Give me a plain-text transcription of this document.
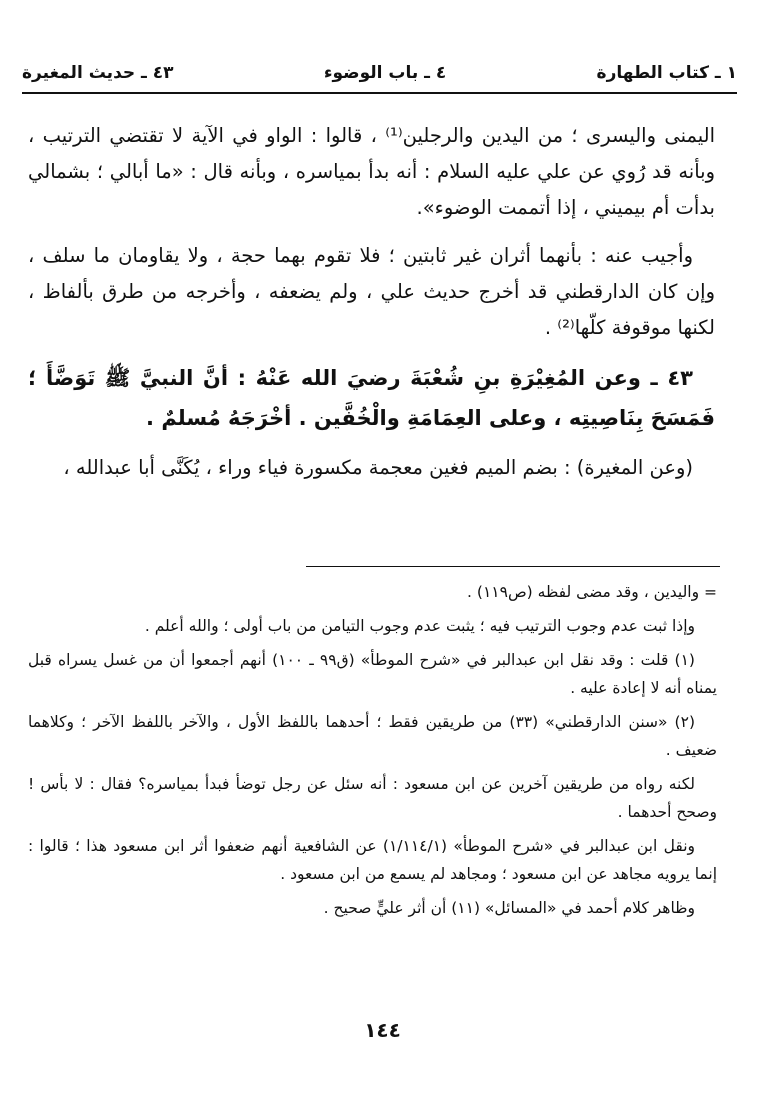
١ ـ كتاب الطهارة
٤ ـ باب الوضوء
٤٣ ـ حديث المغيرة

اليمنى واليسرى ؛ من اليدين والرجلين⁽¹⁾ ، قالوا : الواو في الآية لا تقتضي الترتيب ، وبأنه قد رُوي عن علي عليه السلام : أنه بدأ بمياسره ، وبأنه قال : «ما أبالي ؛ بشمالي بدأت أم بيميني ، إذا أتممت الوضوء».

وأجيب عنه : بأنهما أثران غير ثابتين ؛ فلا تقوم بهما حجة ، ولا يقاومان ما سلف ، وإن كان الدارقطني قد أخرج حديث علي ، ولم يضعفه ، وأخرجه من طرق بألفاظ ، لكنها موقوفة كلّها⁽²⁾ .

٤٣ ـ وعن المُغِيْرَةِ بنِ شُعْبَةَ رضيَ الله عَنْهُ : أنَّ النبيَّ ﷺ تَوَضَّأَ ؛ فَمَسَحَ بِنَاصِيتِه ، وعلى العِمَامَةِ والْخُفَّين . أخْرَجَهُ مُسلمٌ .

(وعن المغيرة) : بضم الميم فغين معجمة مكسورة فياء وراء ، يُكَنَّى أبا عبدالله ،

= واليدين ، وقد مضى لفظه (ص١١٩) .

وإذا ثبت عدم وجوب الترتيب فيه ؛ يثبت عدم وجوب التيامن من باب أولى ؛ والله أعلم .

(١) قلت : وقد نقل ابن عبدالبر في «شرح الموطأ» (ق٩٩ ـ ١٠٠) أنهم أجمعوا أن من غسل يسراه قبل يمناه أنه لا إعادة عليه .

(٢) «سنن الدارقطني» (٣٣) من طريقين فقط ؛ أحدهما باللفظ الأول ، والآخر باللفظ الآخر ؛ وكلاهما ضعيف .

لكنه رواه من طريقين آخرين عن ابن مسعود : أنه سئل عن رجل توضأ فبدأ بمياسره؟ فقال : لا بأس ! وصحح أحدهما .

ونقل ابن عبدالبر في «شرح الموطأ» (١/١١٤/١) عن الشافعية أنهم ضعفوا أثر ابن مسعود هذا ؛ قالوا : إنما يرويه مجاهد عن ابن مسعود ؛ ومجاهد لم يسمع من ابن مسعود .

وظاهر كلام أحمد في «المسائل» (١١) أن أثر عليٍّ صحيح .

١٤٤
